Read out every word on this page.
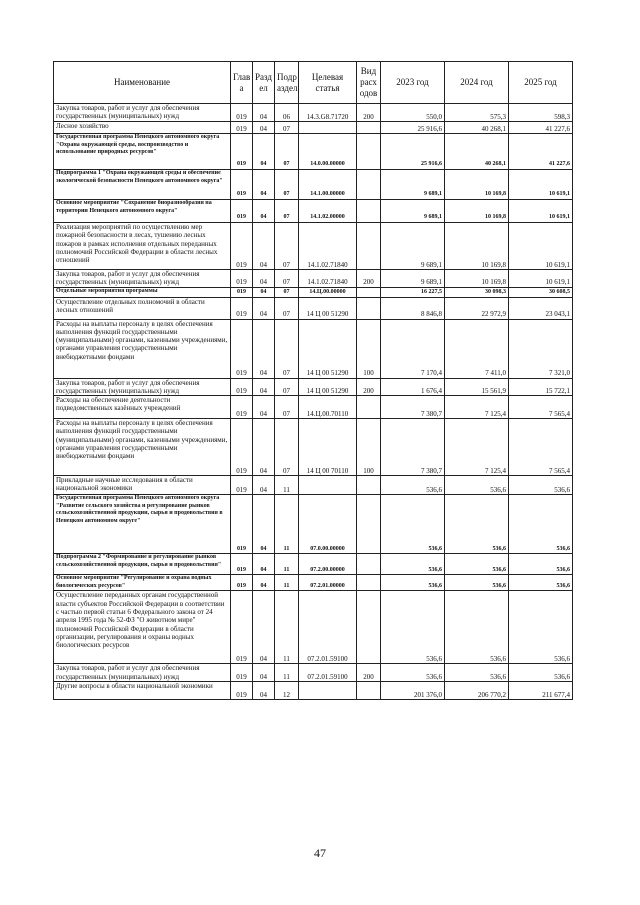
Наименование	Глав а	Разд ел	Подр аздел	Целевая статья	Вид расх одов	2023 год	2024 год	2025 год
Закупка товаров, работ и услуг для обеспечения государственных (муниципальных) нужд	019	04	06	14.3.G8.71720	200	550,0	575,3	598,3
Лесное хозяйство	019	04	07			25 916,6	40 268,1	41 227,6
Государственная программа Ненецкого автономного округа "Охрана окружающей среды, воспроизводство и использование природных ресурсов"	019	04	07	14.0.00.00000		25 916,6	40 268,1	41 227,6
Подпрограмма 1 "Охрана окружающей среды и обеспечение экологической безопасности Ненецкого автономного округа"	019	04	07	14.1.00.00000		9 689,1	10 169,8	10 619,1
Основное мероприятие "Сохранение биоразнообразия на территории Ненецкого автономного округа"	019	04	07	14.1.02.00000		9 689,1	10 169,8	10 619,1
Реализация мероприятий по осуществлению мер пожарной безопасности в лесах, тушению лесных пожаров в рамках исполнения отдельных переданных полномочий Российской Федерации в области лесных отношений	019	04	07	14.1.02.71840		9 689,1	10 169,8	10 619,1
Закупка товаров, работ и услуг для обеспечения государственных (муниципальных) нужд	019	04	07	14.1.02.71840	200	9 689,1	10 169,8	10 619,1
Отдельные мероприятия программы	019	04	07	14.Ц.00.00000		16 227,5	30 098,3	30 608,5
Осуществление отдельных полномочий в области лесных отношений	019	04	07	14 Ц 00 51290		8 846,8	22 972,9	23 043,1
Расходы на выплаты персоналу в целях обеспечения выполнения функций государственными (муниципальными) органами, казенными учреждениями, органами управления государственными внебюджетными фондами	019	04	07	14 Ц 00 51290	100	7 170,4	7 411,0	7 321,0
Закупка товаров, работ и услуг для обеспечения государственных (муниципальных) нужд	019	04	07	14 Ц 00 51290	200	1 676,4	15 561,9	15 722,1
Расходы на обеспечение деятельности подведомственных казённых учреждений	019	04	07	14.Ц.00.70110		7 380,7	7 125,4	7 565,4
Расходы на выплаты персоналу в целях обеспечения выполнения функций государственными (муниципальными) органами, казенными учреждениями, органами управления государственными внебюджетными фондами	019	04	07	14 Ц 00 70110	100	7 380,7	7 125,4	7 565,4
Прикладные научные исследования в области национальной экономики	019	04	11			536,6	536,6	536,6
Государственная программа Ненецкого автономного округа "Развитие сельского хозяйства и регулирование рынков сельскохозяйственной продукции, сырья и продовольствия в Ненецком автономном округе"	019	04	11	07.0.00.00000		536,6	536,6	536,6
Подпрограмма 2 "Формирование и регулирование рынков сельскохозяйственной продукции, сырья и продовольствия"	019	04	11	07.2.00.00000		536,6	536,6	536,6
Основное мероприятие "Регулирование и охрана водных биологических ресурсов"	019	04	11	07.2.01.00000		536,6	536,6	536,6
Осуществление переданных органам государственной власти субъектов Российской Федерации в соответствии с частью первой статьи 6 Федерального закона от 24 апреля 1995 года № 52-ФЗ "О животном мире" полномочий Российской Федерации в области организации, регулирования и охраны водных биологических ресурсов	019	04	11	07.2.01.59100		536,6	536,6	536,6
Закупка товаров, работ и услуг для обеспечения государственных (муниципальных) нужд	019	04	11	07.2.01.59100	200	536,6	536,6	536,6
Другие вопросы в области национальной экономики	019	04	12			201 376,0	206 770,2	211 677,4
47
